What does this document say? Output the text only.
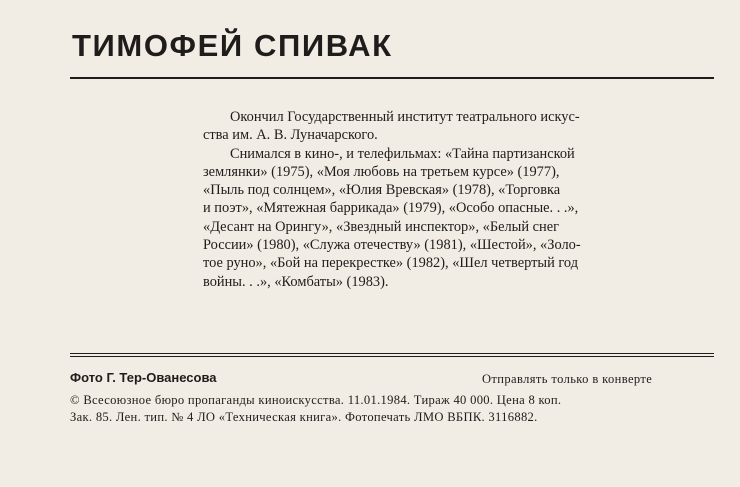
ТИМОФЕЙ СПИВАК
Окончил Государственный институт театрального искус-
ства им. А. В. Луначарского.
Снимался в кино-, и телефильмах: «Тайна партизанской
землянки» (1975), «Моя любовь на третьем курсе» (1977),
«Пыль под солнцем», «Юлия Вревская» (1978), «Торговка
и поэт», «Мятежная баррикада» (1979), «Особо опасные. . .»,
«Десант на Орингу», «Звездный инспектор», «Белый снег
России» (1980), «Служа отечеству» (1981), «Шестой», «Золо-
тое руно», «Бой на перекрестке» (1982), «Шел четвертый год
войны. . .», «Комбаты» (1983).
Фото Г. Тер-Ованесова	Отправлять только в конверте
© Всесоюзное бюро пропаганды киноискусства. 11.01.1984. Тираж 40 000. Цена 8 коп.
Зак. 85. Лен. тип. № 4 ЛО «Техническая книга». Фотопечать ЛМО ВБПК. 3116882.
